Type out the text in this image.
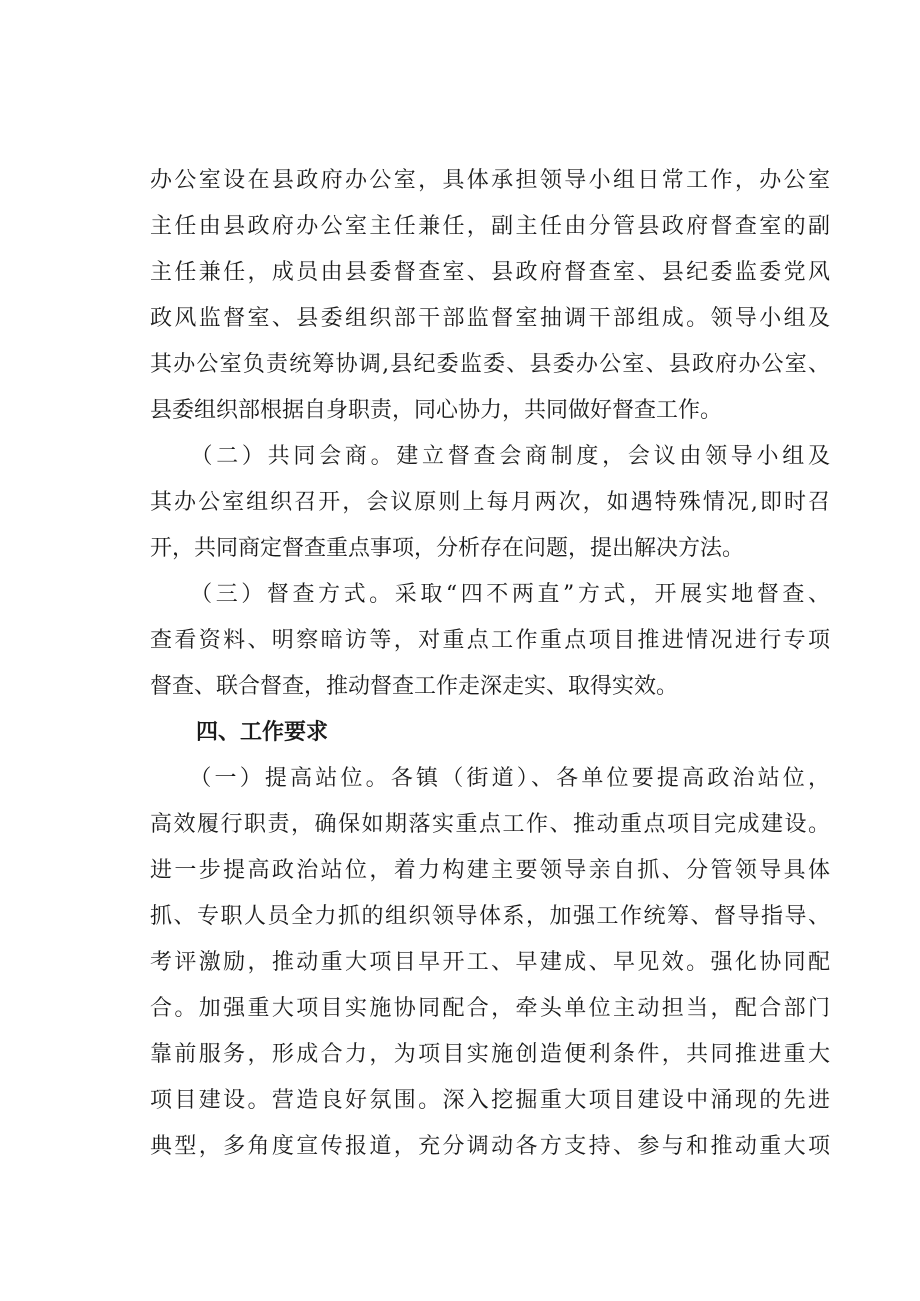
办公室设在县政府办公室，具体承担领导小组日常工作，办公室
主任由县政府办公室主任兼任，副主任由分管县政府督查室的副
主任兼任，成员由县委督查室、县政府督查室、县纪委监委党风
政风监督室、县委组织部干部监督室抽调干部组成。领导小组及
其办公室负责统筹协调,县纪委监委、县委办公室、县政府办公室、
县委组织部根据自身职责，同心协力，共同做好督查工作。
　　（二）共同会商。建立督查会商制度，会议由领导小组及
其办公室组织召开，会议原则上每月两次，如遇特殊情况,即时召
开，共同商定督查重点事项，分析存在问题，提出解决方法。
　　（三）督查方式。采取“四不两直”方式，开展实地督查、
查看资料、明察暗访等，对重点工作重点项目推进情况进行专项
督查、联合督查，推动督查工作走深走实、取得实效。
四、工作要求
　　（一）提高站位。各镇（街道）、各单位要提高政治站位，
高效履行职责，确保如期落实重点工作、推动重点项目完成建设。
进一步提高政治站位，着力构建主要领导亲自抓、分管领导具体
抓、专职人员全力抓的组织领导体系，加强工作统筹、督导指导、
考评激励，推动重大项目早开工、早建成、早见效。强化协同配
合。加强重大项目实施协同配合，牵头单位主动担当，配合部门
靠前服务，形成合力，为项目实施创造便利条件，共同推进重大
项目建设。营造良好氛围。深入挖掘重大项目建设中涌现的先进
典型，多角度宣传报道，充分调动各方支持、参与和推动重大项
